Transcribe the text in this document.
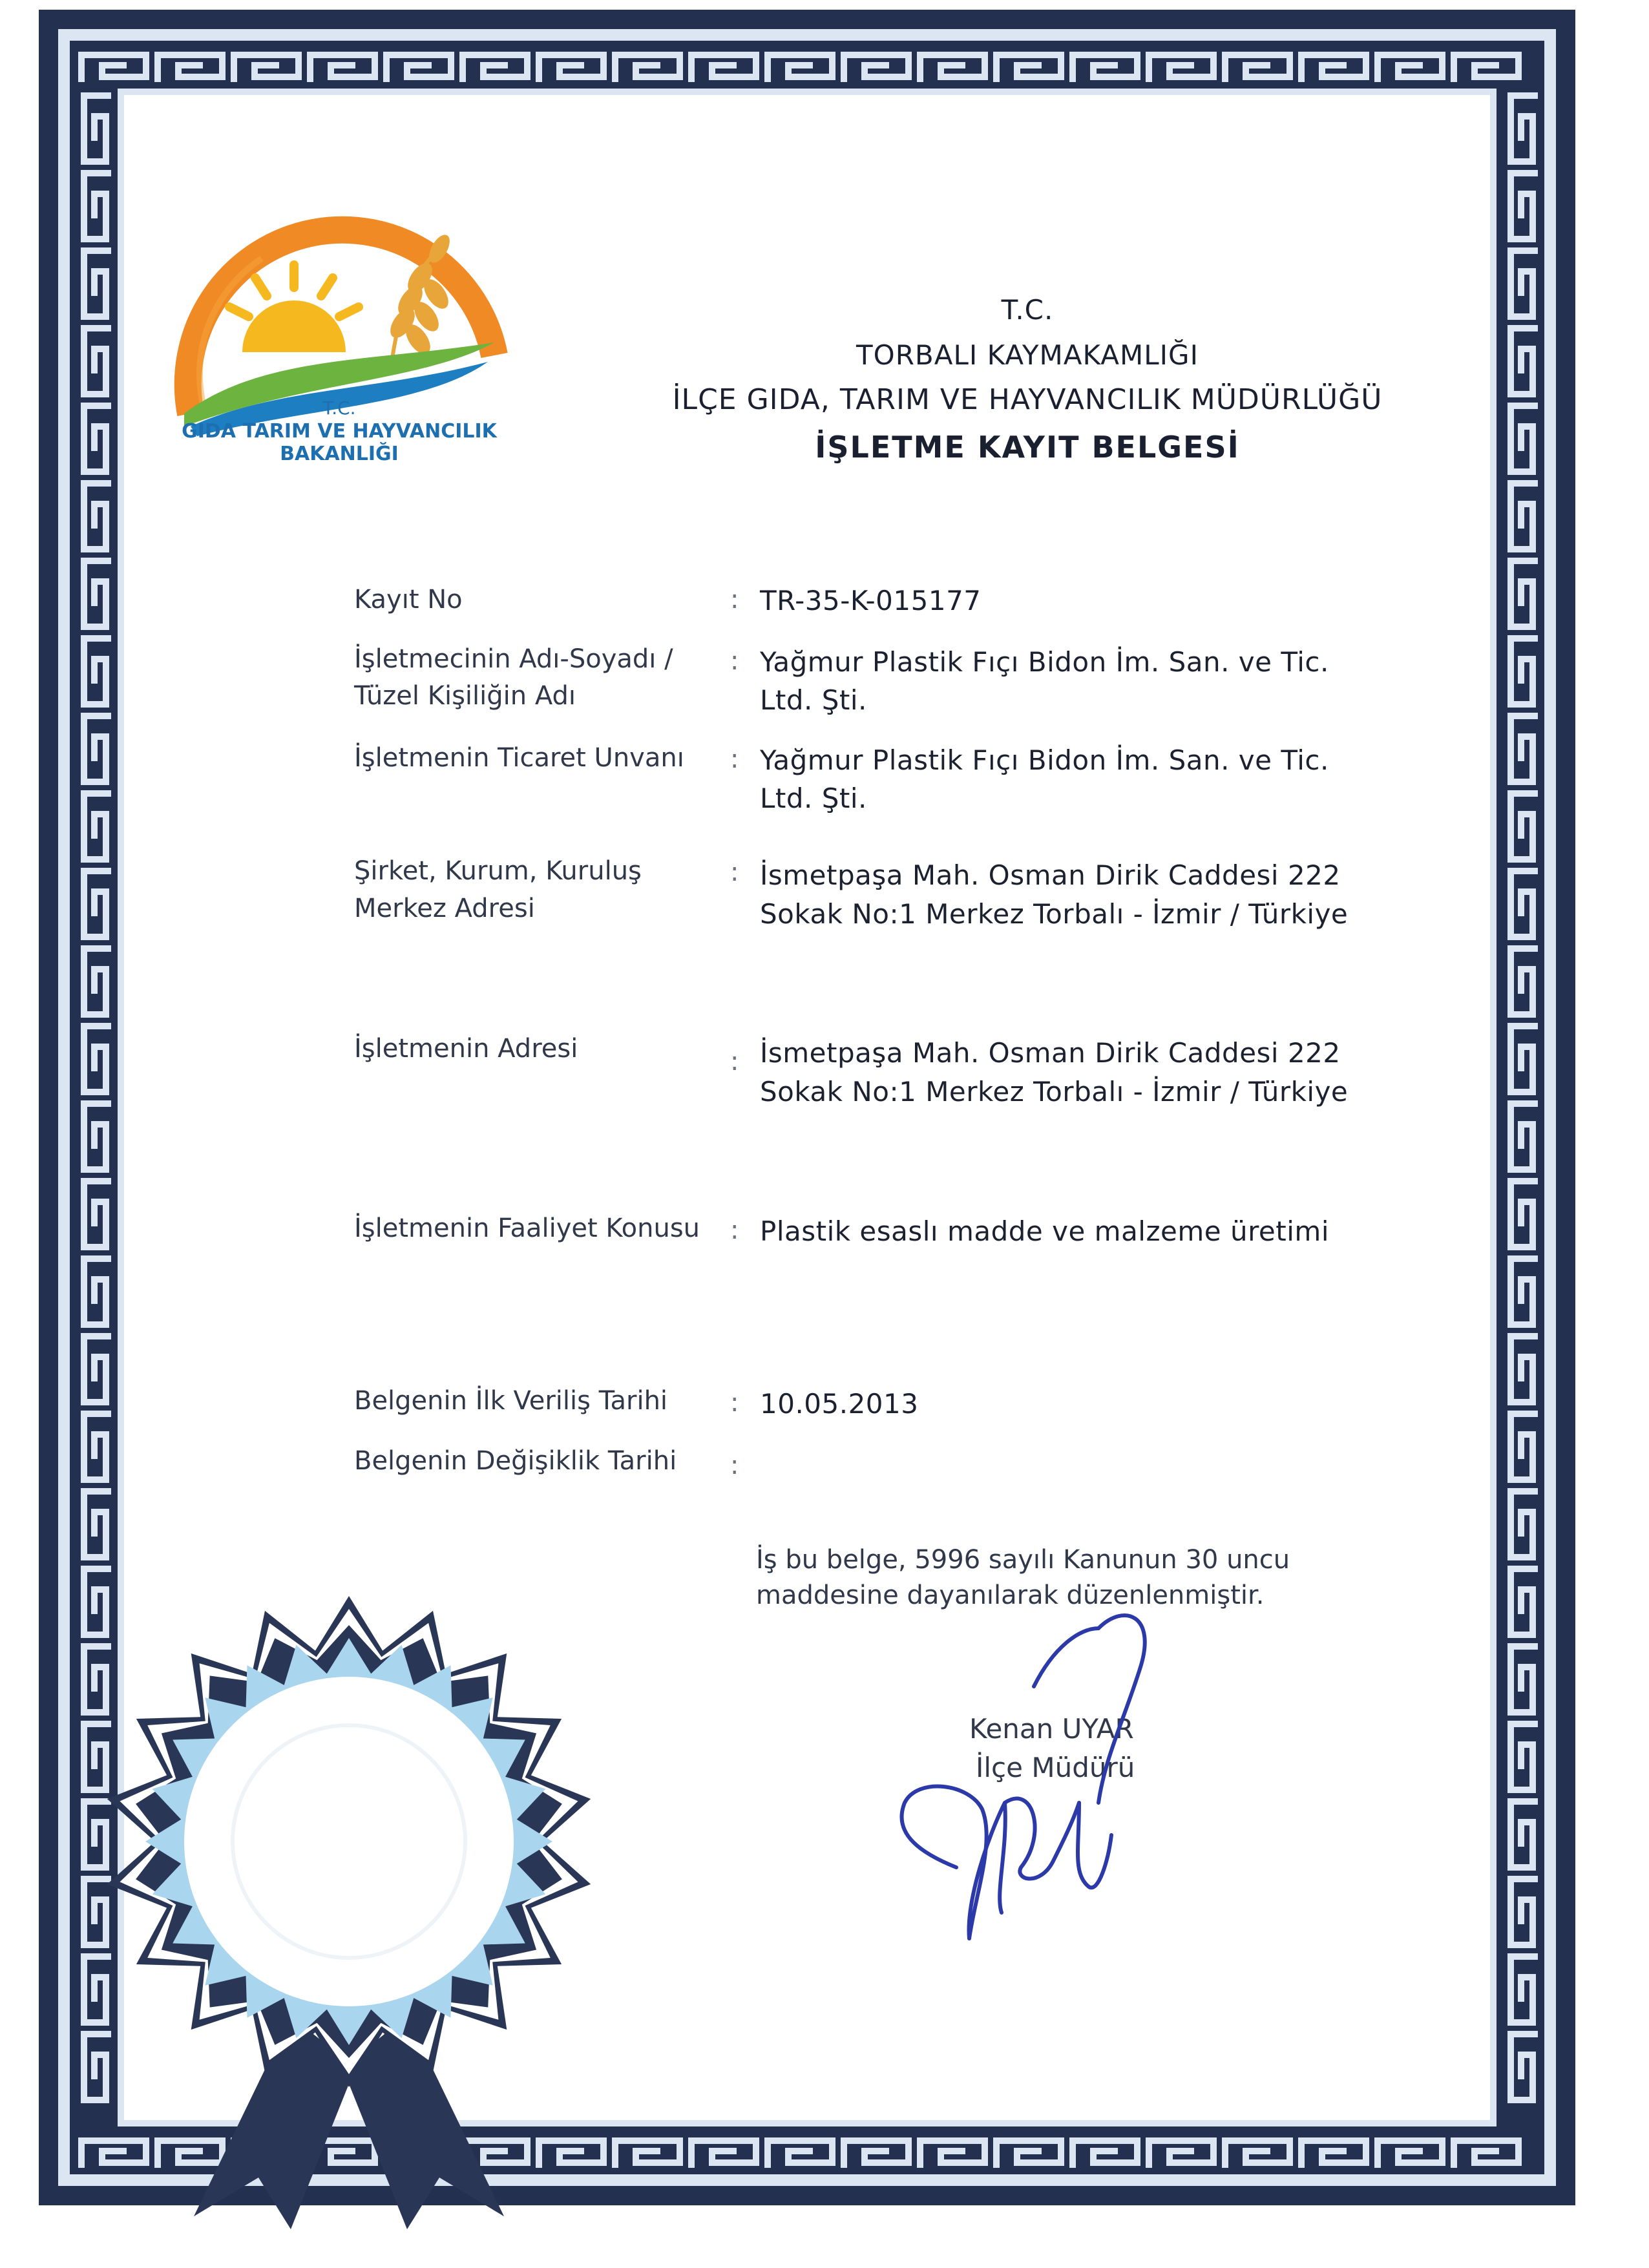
T.C.
GIDA TARIM VE HAYVANCILIK
BAKANLIĞI
T.C.
TORBALI KAYMAKAMLIĞI
İLÇE GIDA, TARIM VE HAYVANCILIK MÜDÜRLÜĞÜ
İŞLETME KAYIT BELGESİ
Kayıt No	: TR-35-K-015177
İşletmecinin Adı-Soyadı /
Tüzel Kişiliğin Adı
: Yağmur Plastik Fıçı Bidon İm. San. ve Tic.
Ltd. Şti.
İşletmenin Ticaret Unvanı : Yağmur Plastik Fıçı Bidon İm. San. ve Tic.
Ltd. Şti.
Şirket, Kurum, Kuruluş
Merkez Adresi
: İsmetpaşa Mah. Osman Dirik Caddesi 222
Sokak No:1 Merkez Torbalı - İzmir / Türkiye
İşletmenin Adresi	: İsmetpaşa Mah. Osman Dirik Caddesi 222
Sokak No:1 Merkez Torbalı - İzmir / Türkiye
İşletmenin Faaliyet Konusu : Plastik esaslı madde ve malzeme üretimi
Belgenin İlk Veriliş Tarihi : 10.05.2013
Belgenin Değişiklik Tarihi :
İş bu belge, 5996 sayılı Kanunun 30 uncu
maddesine dayanılarak düzenlenmiştir.
Kenan UYAR
İlçe Müdürü
